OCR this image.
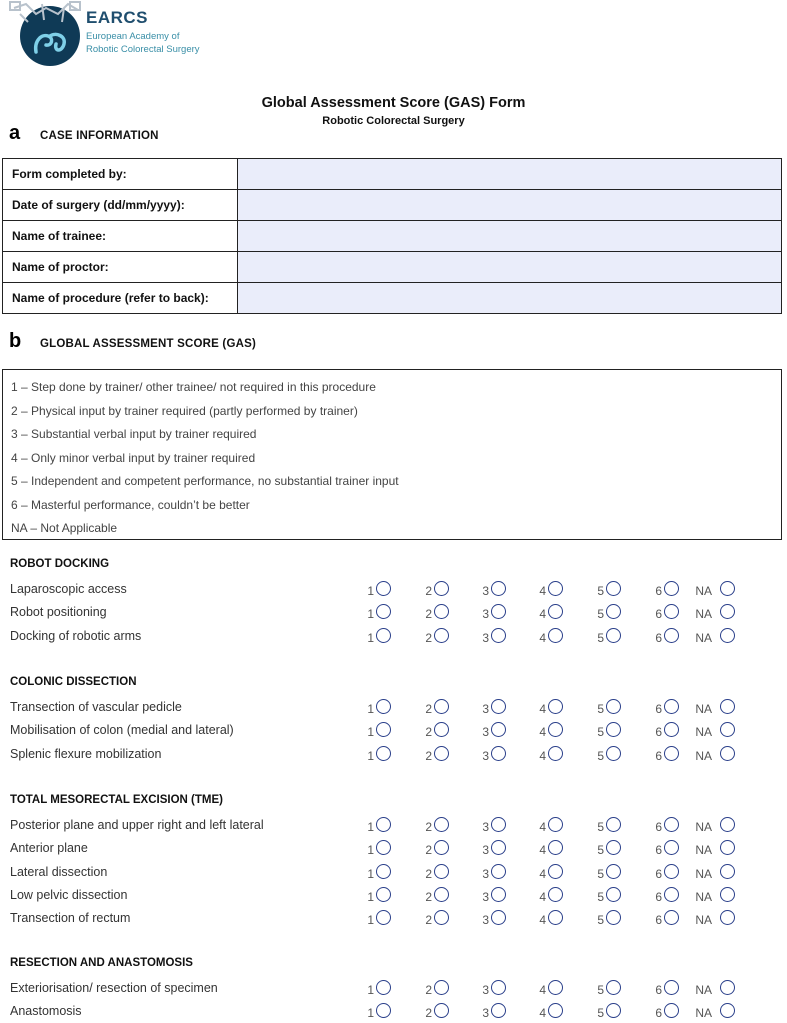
EARCS
European Academy of Robotic Colorectal Surgery
Global Assessment Score (GAS) Form
Robotic Colorectal Surgery
a CASE INFORMATION
Form completed by:	
Date of surgery (dd/mm/yyyy):	
Name of trainee:	
Name of proctor:	
Name of procedure (refer to back):	
b GLOBAL ASSESSMENT SCORE (GAS)
1 – Step done by trainer/ other trainee/ not required in this procedure
2 – Physical input by trainer required (partly performed by trainer)
3 – Substantial verbal input by trainer required
4 – Only minor verbal input by trainer required
5 – Independent and competent performance, no substantial trainer input
6 – Masterful performance, couldn’t be better
NA – Not Applicable
ROBOT DOCKING
Laparoscopic access	1	2	3	4	5	6	NA
Robot positioning	1	2	3	4	5	6	NA
Docking of robotic arms	1	2	3	4	5	6	NA
COLONIC DISSECTION
Transection of vascular pedicle	1	2	3	4	5	6	NA
Mobilisation of colon (medial and lateral)	1	2	3	4	5	6	NA
Splenic flexure mobilization	1	2	3	4	5	6	NA
TOTAL MESORECTAL EXCISION (TME)
Posterior plane and upper right and left lateral	1	2	3	4	5	6	NA
Anterior plane	1	2	3	4	5	6	NA
Lateral dissection	1	2	3	4	5	6	NA
Low pelvic dissection	1	2	3	4	5	6	NA
Transection of rectum	1	2	3	4	5	6	NA
RESECTION AND ANASTOMOSIS
Exteriorisation/ resection of specimen	1	2	3	4	5	6	NA
Anastomosis	1	2	3	4	5	6	NA
